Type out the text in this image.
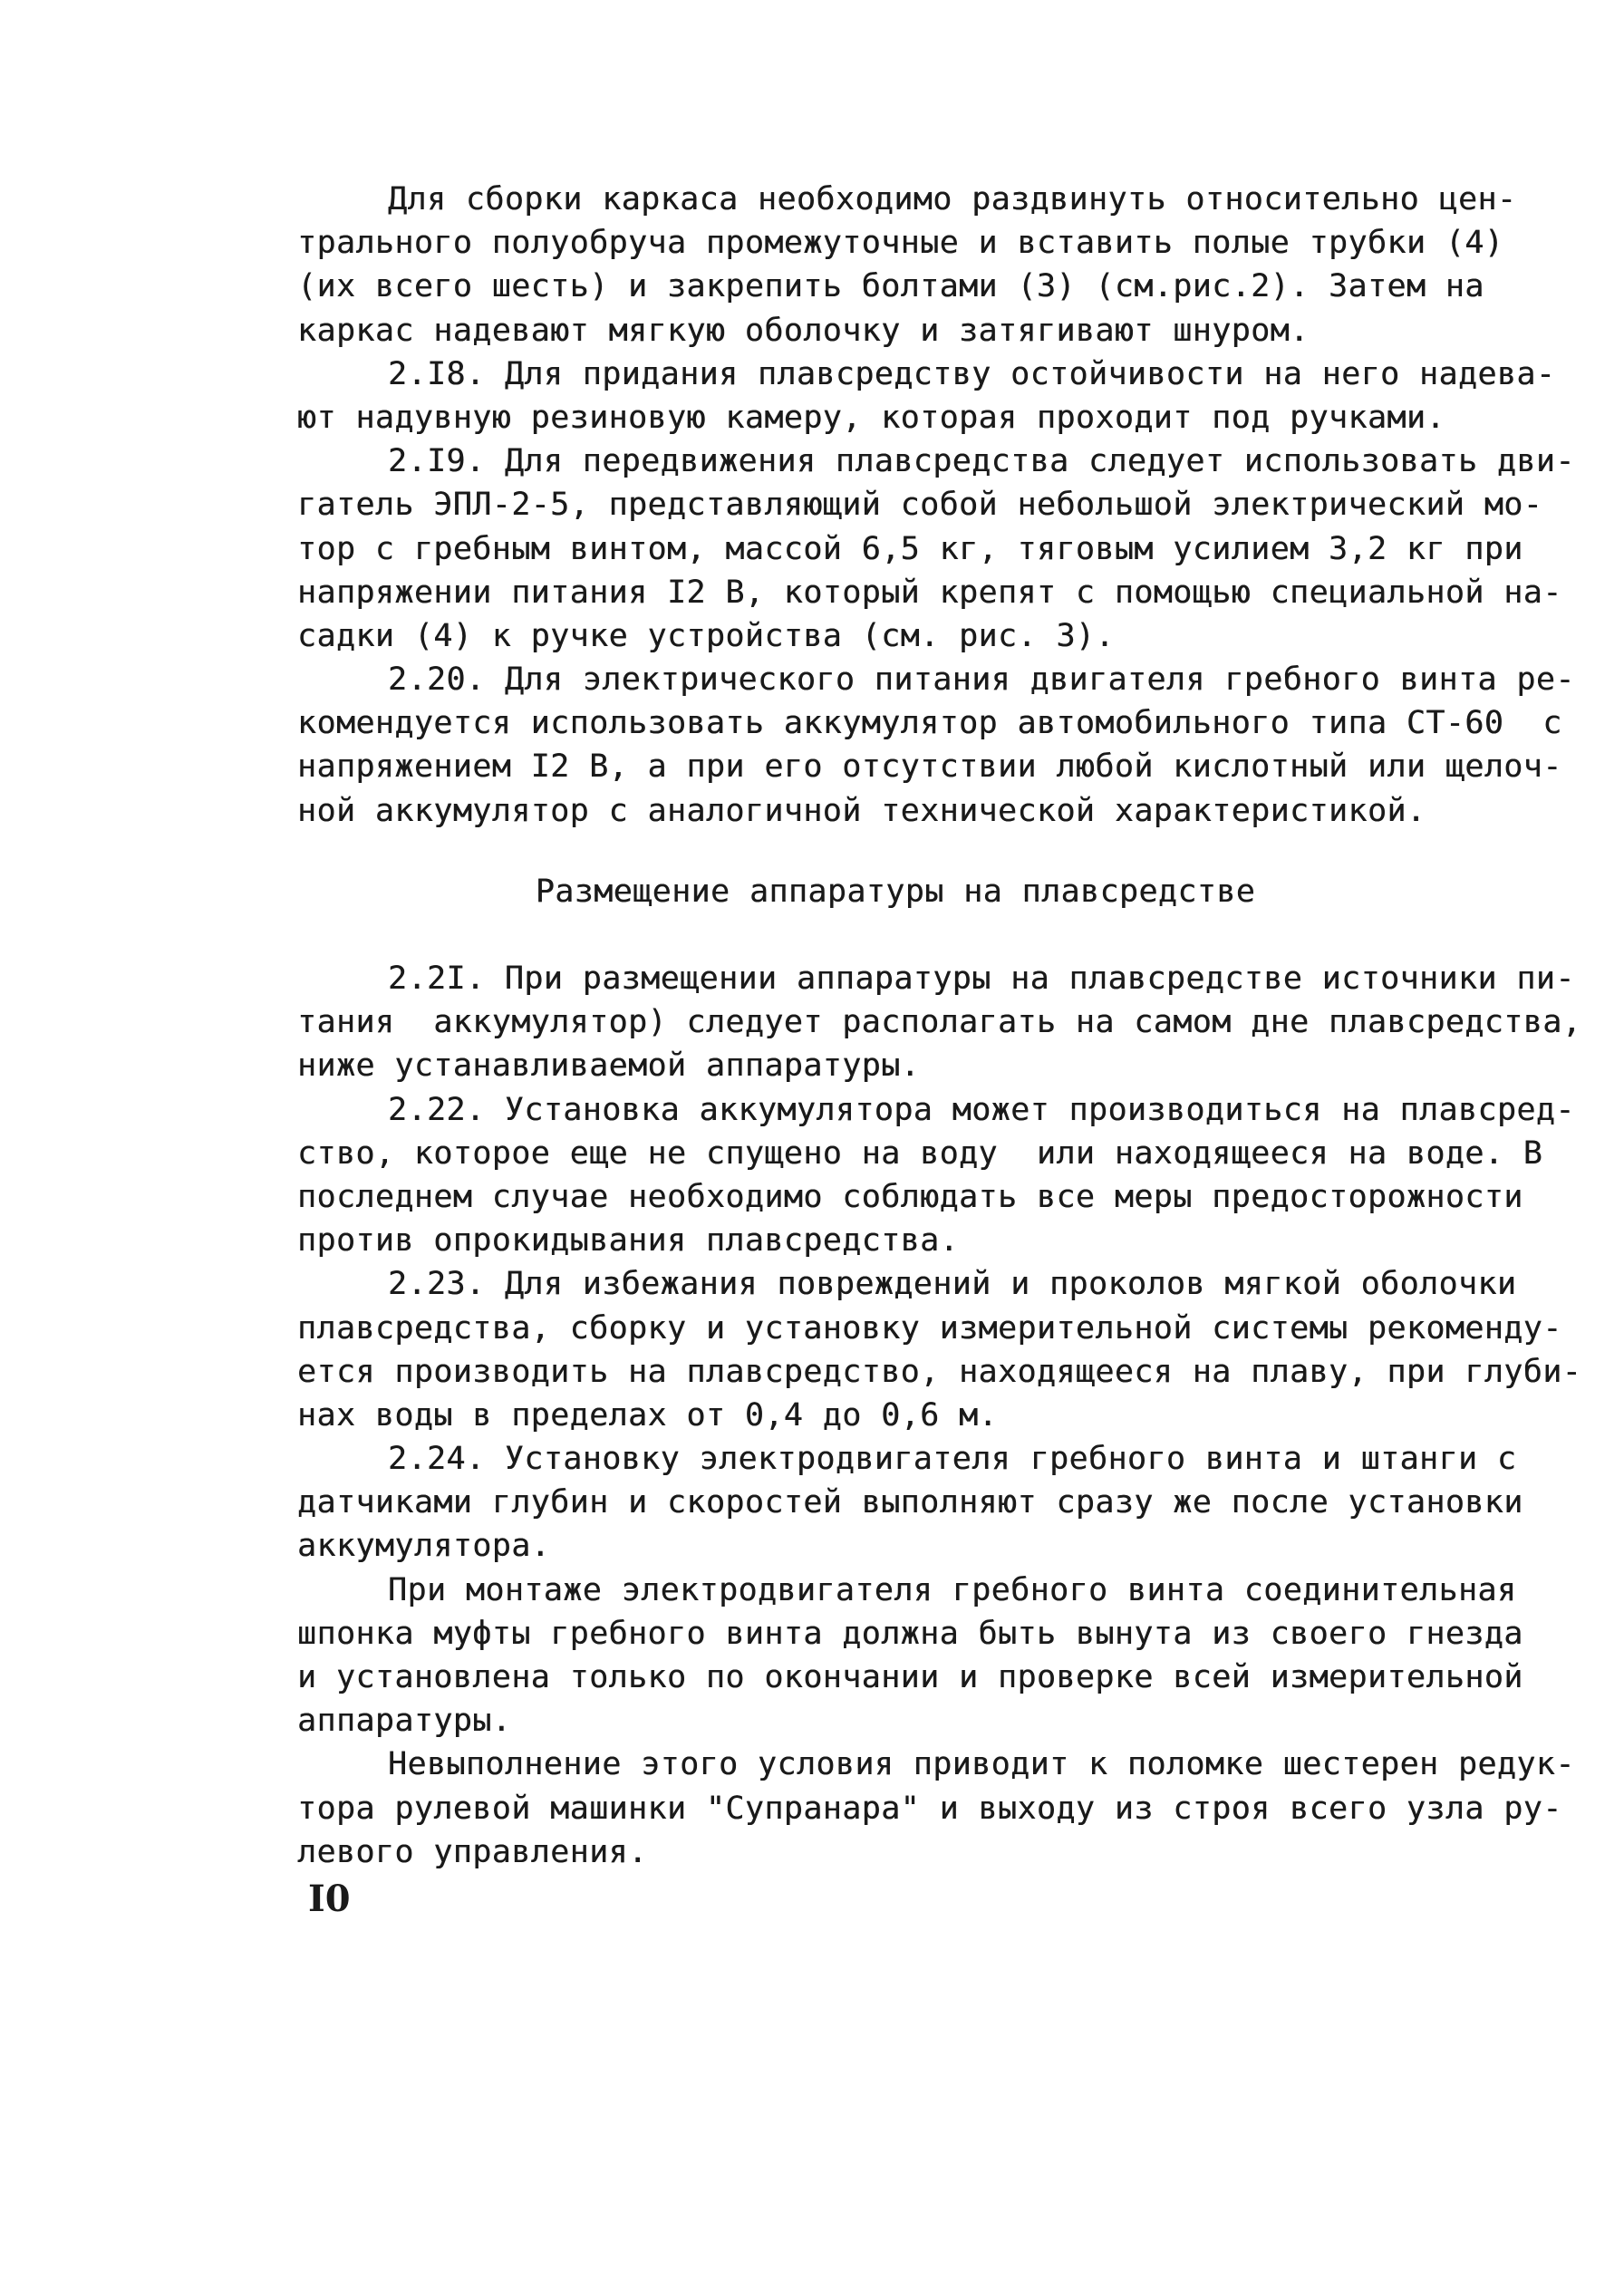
Для сборки каркаса необходимо раздвинуть относительно цен-
трального полуобруча промежуточные и вставить полые трубки (4)
(их всего шесть) и закрепить болтами (3) (см.рис.2). Затем на
каркас надевают мягкую оболочку и затягивают шнуром.
2.I8. Для придания плавсредству остойчивости на него надева-
ют надувную резиновую камеру, которая проходит под ручками.
2.I9. Для передвижения плавсредства следует использовать дви-
гатель ЭПЛ-2-5, представляющий собой небольшой электрический мо-
тор с гребным винтом, массой 6,5 кг, тяговым усилием 3,2 кг при
напряжении питания I2 В, который крепят с помощью специальной на-
садки (4) к ручке устройства (см. рис. 3).
2.20. Для электрического питания двигателя гребного винта ре-
комендуется использовать аккумулятор автомобильного типа СТ-60  с
напряжением I2 В, а при его отсутствии любой кислотный или щелоч-
ной аккумулятор с аналогичной технической характеристикой.
Размещение аппаратуры на плавсредстве
2.2I. При размещении аппаратуры на плавсредстве источники пи-
тания  аккумулятор) следует располагать на самом дне плавсредства,
ниже устанавливаемой аппаратуры.
2.22. Установка аккумулятора может производиться на плавсред-
ство, которое еще не спущено на воду  или находящееся на воде. В
последнем случае необходимо соблюдать все меры предосторожности
против опрокидывания плавсредства.
2.23. Для избежания повреждений и проколов мягкой оболочки
плавсредства, сборку и установку измерительной системы рекоменду-
ется производить на плавсредство, находящееся на плаву, при глуби-
нах воды в пределах от 0,4 до 0,6 м.
2.24. Установку электродвигателя гребного винта и штанги с
датчиками глубин и скоростей выполняют сразу же после установки
аккумулятора.
При монтаже электродвигателя гребного винта соединительная
шпонка муфты гребного винта должна быть вынута из своего гнезда
и установлена только по окончании и проверке всей измерительной
аппаратуры.
Невыполнение этого условия приводит к поломке шестерен редук-
тора рулевой машинки "Супранара" и выходу из строя всего узла ру-
левого управления.
I0
